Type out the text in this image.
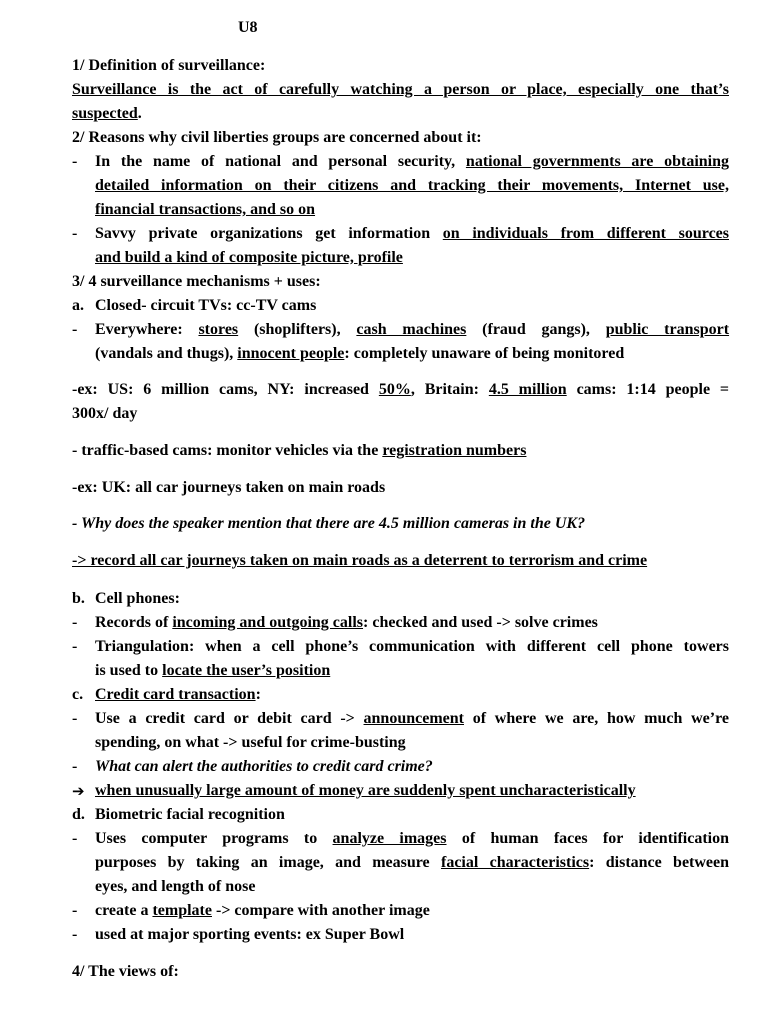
U8
1/ Definition of surveillance:
Surveillance is the act of carefully watching a person or place, especially one that’s
suspected.
2/ Reasons why civil liberties groups are concerned about it:
- In the name of national and personal security, national governments are obtaining
detailed information on their citizens and tracking their movements, Internet use,
financial transactions, and so on
- Savvy private organizations get information on individuals from different sources
and build a kind of composite picture, profile
3/ 4 surveillance mechanisms + uses:
a. Closed- circuit TVs: cc-TV cams
- Everywhere: stores (shoplifters), cash machines (fraud gangs), public transport
(vandals and thugs), innocent people: completely unaware of being monitored
-ex: US: 6 million cams, NY: increased 50%, Britain: 4.5 million cams: 1:14 people =
300x/ day
- traffic-based cams: monitor vehicles via the registration numbers
-ex: UK: all car journeys taken on main roads
- Why does the speaker mention that there are 4.5 million cameras in the UK?
-> record all car journeys taken on main roads as a deterrent to terrorism and crime
b. Cell phones:
- Records of incoming and outgoing calls: checked and used -> solve crimes
- Triangulation: when a cell phone’s communication with different cell phone towers
is used to locate the user’s position
c. Credit card transaction:
- Use a credit card or debit card -> announcement of where we are, how much we’re
spending, on what -> useful for crime-busting
- What can alert the authorities to credit card crime?
➔ when unusually large amount of money are suddenly spent uncharacteristically
d. Biometric facial recognition
- Uses computer programs to analyze images of human faces for identification
purposes by taking an image, and measure facial characteristics: distance between
eyes, and length of nose
- create a template -> compare with another image
- used at major sporting events: ex Super Bowl
4/ The views of:
